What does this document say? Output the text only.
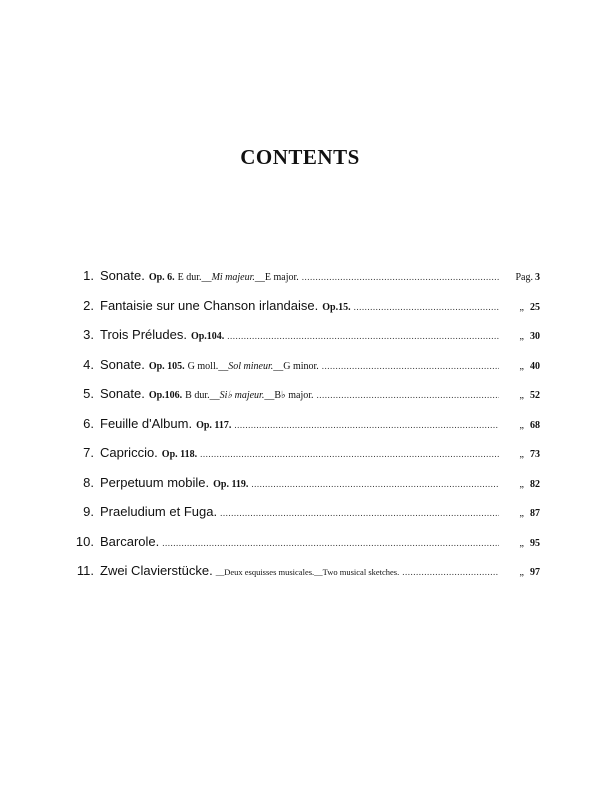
CONTENTS
1. Sonate. Op. 6. E dur.__Mi majeur.__E major. .....	Pag. 3
2. Fantaisie sur une Chanson irlandaise. Op.15. .....	„ 25
3. Trois Préludes. Op.104. .....	„ 30
4. Sonate. Op. 105. G moll.__Sol mineur.__G minor. .....	„ 40
5. Sonate. Op.106. B dur.__Si♭ majeur.__B♭ major. .....	„ 52
6. Feuille d'Album. Op. 117. .....	„ 68
7. Capriccio. Op. 118. .....	„ 73
8. Perpetuum mobile. Op. 119. .....	„ 82
9. Praeludium et Fuga. .....	„ 87
10. Barcarole. .....	„ 95
11. Zwei Clavierstücke. __Deux esquisses musicales.__Two musical sketches. .....	„ 97
